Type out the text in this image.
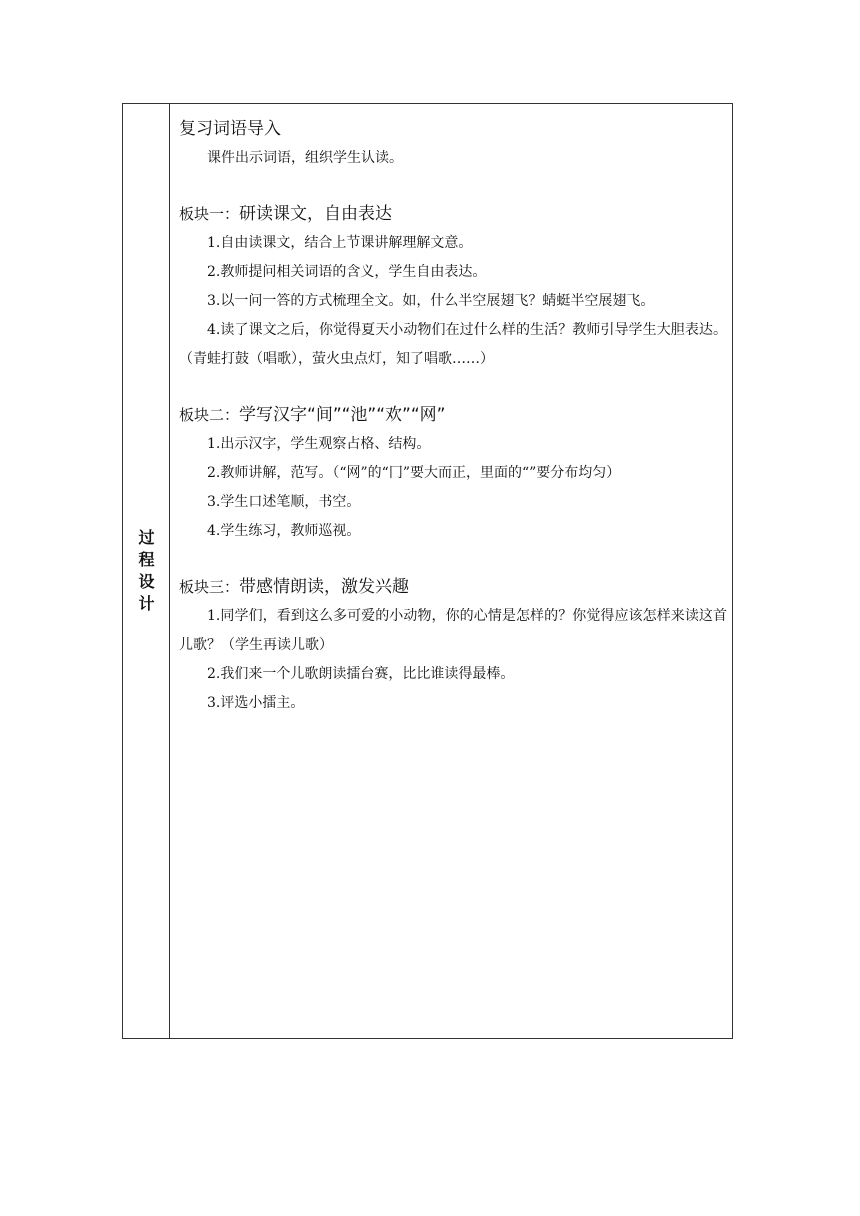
过
程
设
计
复习词语导入

课件出示词语，组织学生认读。

板块一：研读课文，自由表达

1.自由读课文，结合上节课讲解理解文意。

2.教师提问相关词语的含义，学生自由表达。

3.以一问一答的方式梳理全文。如，什么半空展翅飞？蜻蜓半空展翅飞。

4.读了课文之后，你觉得夏天小动物们在过什么样的生活？教师引导学生大胆表达。（青蛙打鼓（唱歌），萤火虫点灯，知了唱歌……）

板块二：学写汉字“间”“池”“欢”“网”

1.出示汉字，学生观察占格、结构。

2.教师讲解，范写。（“网”的“冂”要大而正，里面的“”要分布均匀）

3.学生口述笔顺，书空。

4.学生练习，教师巡视。

板块三：带感情朗读，激发兴趣

1.同学们，看到这么多可爱的小动物，你的心情是怎样的？你觉得应该怎样来读这首儿歌？（学生再读儿歌）

2.我们来一个儿歌朗读擂台赛，比比谁读得最棒。

3.评选小擂主。
